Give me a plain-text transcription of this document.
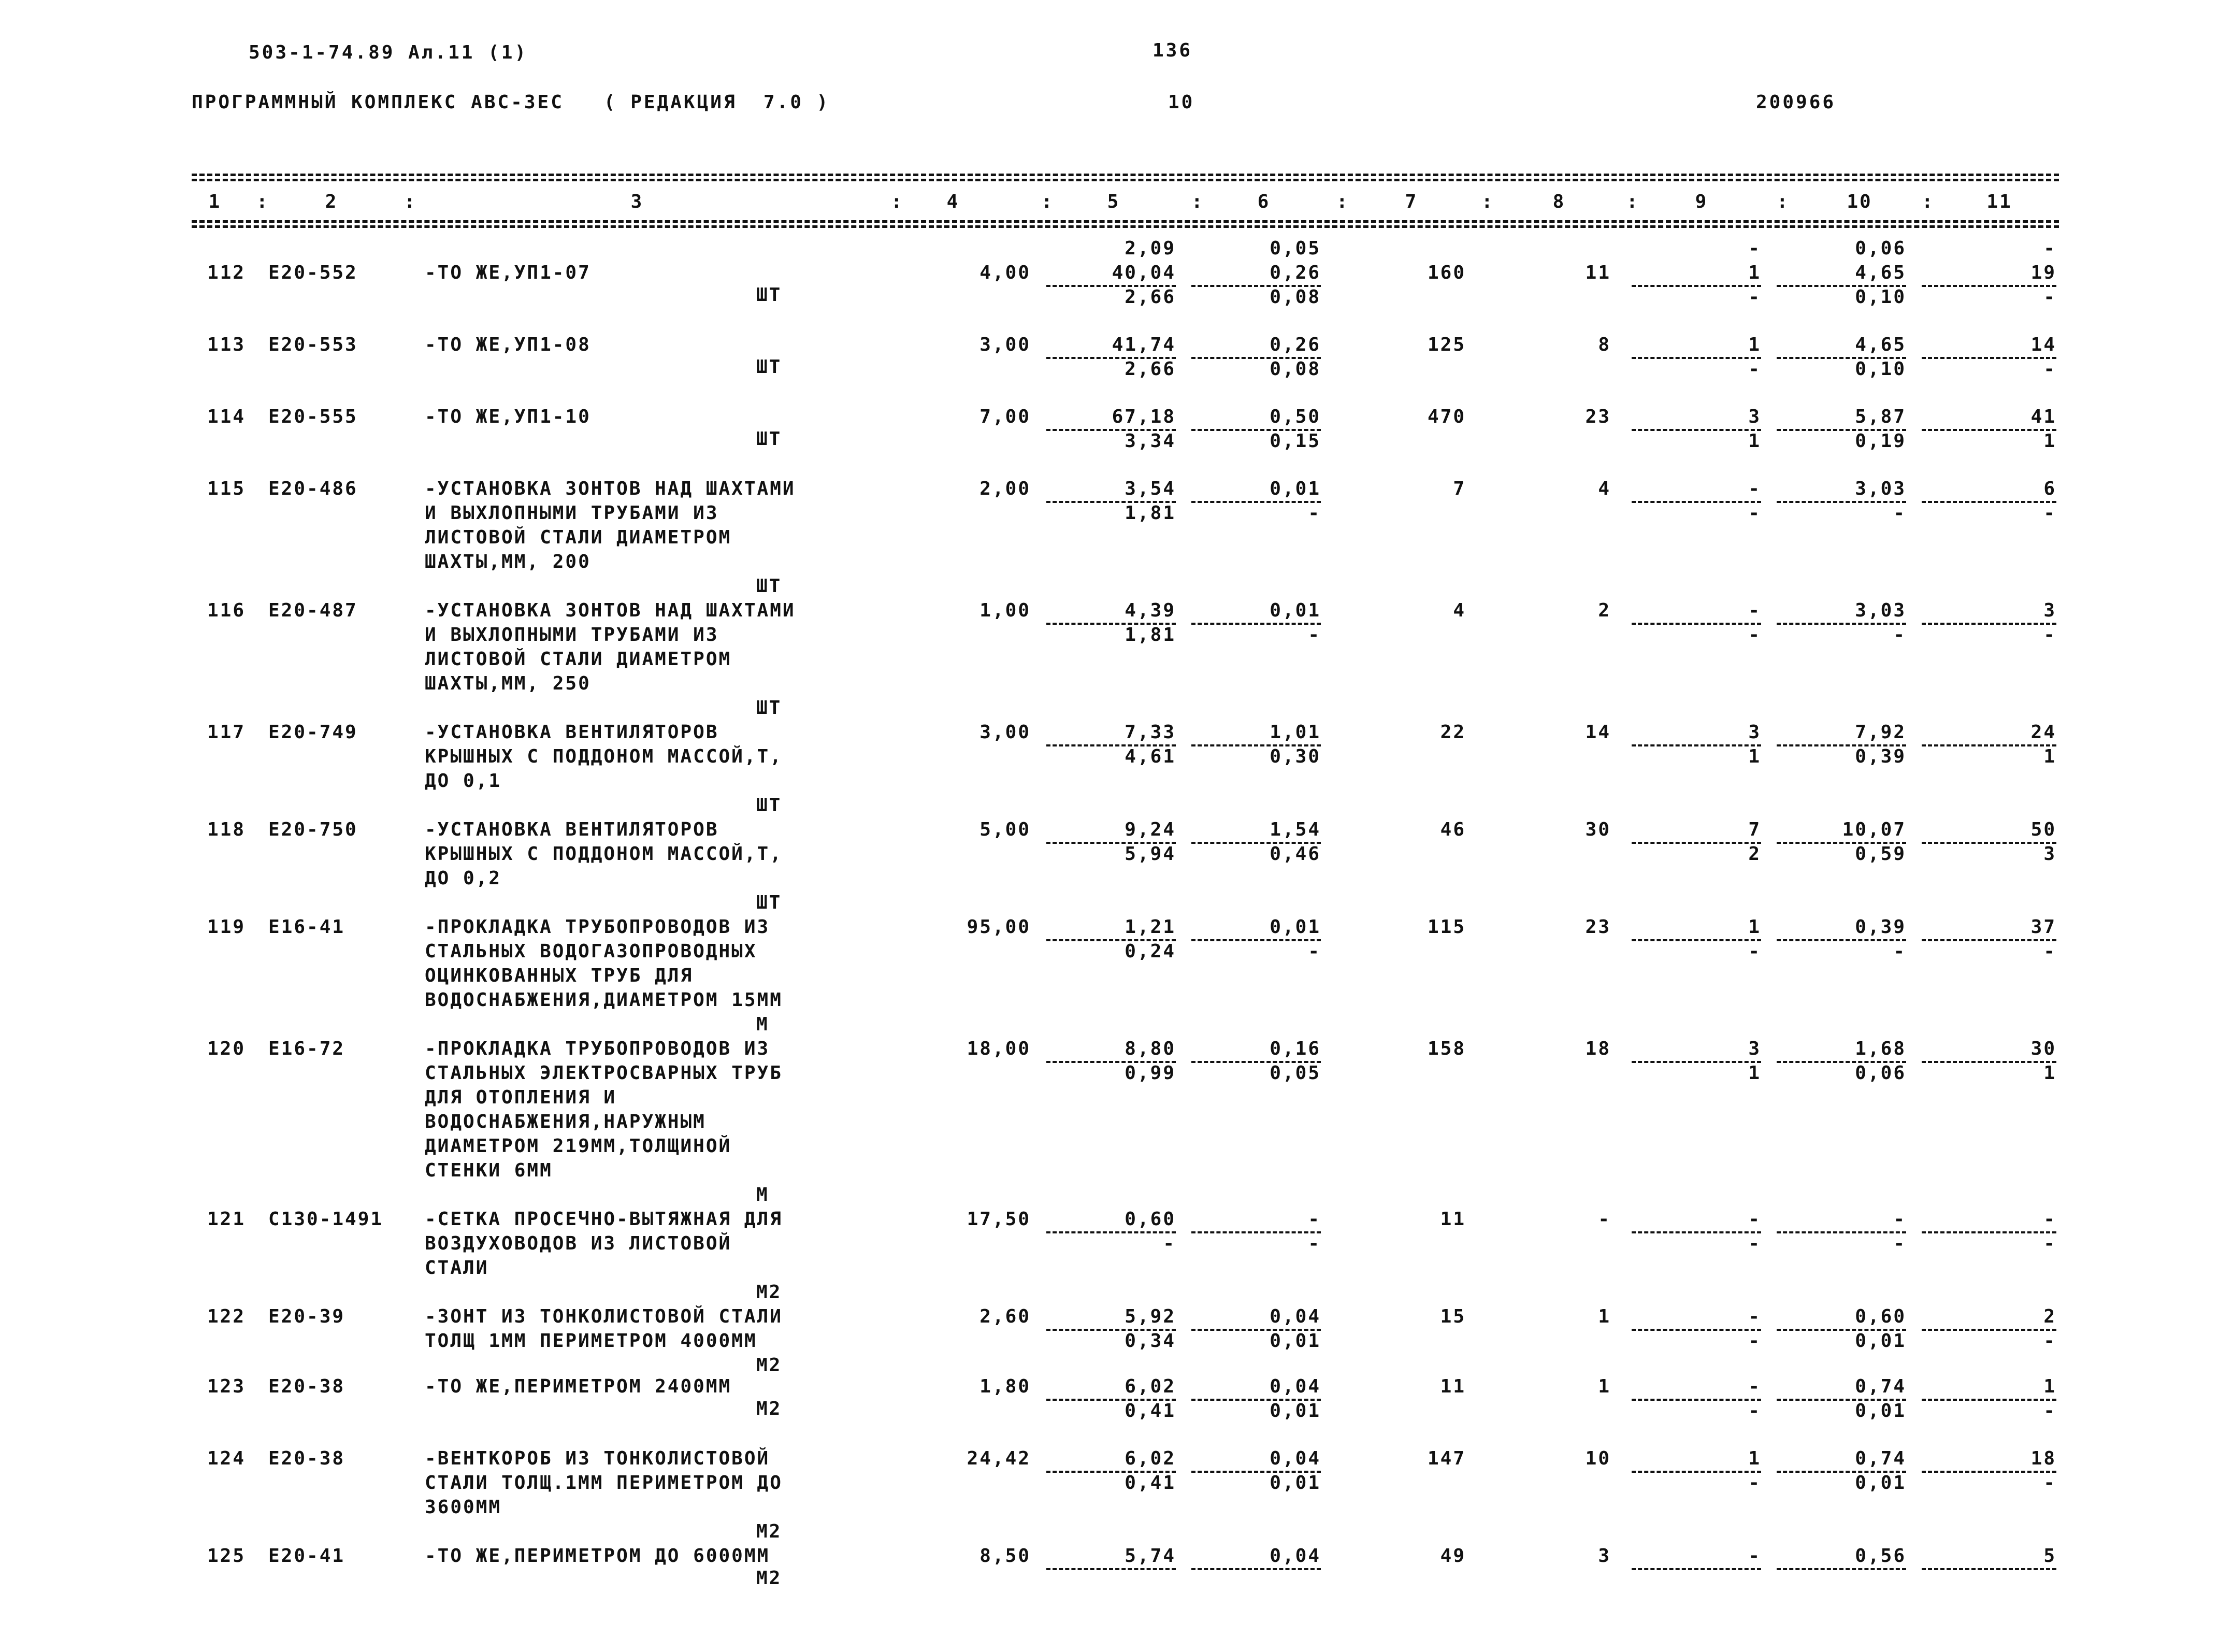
503-1-74.89 Ал.11 (1)	136
ПРОГРАММНЫЙ КОМПЛЕКС АВС-3ЕС   ( РЕДАКЦИЯ  7.0 )	10	200966
1	2	3	4	5	6	7	8	9	10	11
:	:	:	:	:	:	:	:	:	:
2,09	0,05	-	0,06	-
112 Е20-552	-ТО ЖЕ,УП1-07	4,00	40,04	0,26	160	11	1	4,65	19
2,66	0,08	-	0,10	-
ШТ
113 Е20-553	-ТО ЖЕ,УП1-08	3,00	41,74	0,26	125	8	1	4,65	14
2,66	0,08	-	0,10	-
ШТ
114 Е20-555	-ТО ЖЕ,УП1-10	7,00	67,18	0,50	470	23	3	5,87	41
3,34	0,15	1	0,19	1
ШТ
115 Е20-486	-УСТАНОВКА ЗОНТОВ НАД ШАХТАМИ
И ВЫХЛОПНЫМИ ТРУБАМИ ИЗ
ЛИСТОВОЙ СТАЛИ ДИАМЕТРОМ
ШАХТЫ,ММ, 200
2,00	3,54	0,01	7	4	-	3,03	6
1,81	-	-	-	-
ШТ
116 Е20-487	-УСТАНОВКА ЗОНТОВ НАД ШАХТАМИ
И ВЫХЛОПНЫМИ ТРУБАМИ ИЗ
ЛИСТОВОЙ СТАЛИ ДИАМЕТРОМ
ШАХТЫ,ММ, 250
1,00	4,39	0,01	4	2	-	3,03	3
1,81	-	-	-	-
ШТ
117 Е20-749	-УСТАНОВКА ВЕНТИЛЯТОРОВ
КРЫШНЫХ С ПОДДОНОМ МАССОЙ,Т,
ДО 0,1
3,00	7,33	1,01	22	14	3	7,92	24
4,61	0,30	1	0,39	1
ШТ
118 Е20-750	-УСТАНОВКА ВЕНТИЛЯТОРОВ
КРЫШНЫХ С ПОДДОНОМ МАССОЙ,Т,
ДО 0,2
5,00	9,24	1,54	46	30	7	10,07	50
5,94	0,46	2	0,59	3
ШТ
119 Е16-41	-ПРОКЛАДКА ТРУБОПРОВОДОВ ИЗ
СТАЛЬНЫХ ВОДОГАЗОПРОВОДНЫХ
ОЦИНКОВАННЫХ ТРУБ ДЛЯ
ВОДОСНАБЖЕНИЯ,ДИАМЕТРОМ 15ММ
95,00	1,21	0,01	115	23	1	0,39	37
0,24	-	-	-	-
М
120 Е16-72	-ПРОКЛАДКА ТРУБОПРОВОДОВ ИЗ
СТАЛЬНЫХ ЭЛЕКТРОСВАРНЫХ ТРУБ
ДЛЯ ОТОПЛЕНИЯ И
ВОДОСНАБЖЕНИЯ,НАРУЖНЫМ
ДИАМЕТРОМ 219ММ,ТОЛЩИНОЙ
СТЕНКИ 6ММ
18,00	8,80	0,16	158	18	3	1,68	30
0,99	0,05	1	0,06	1
М
121 С130-1491 -СЕТКА ПРОСЕЧНО-ВЫТЯЖНАЯ ДЛЯ
ВОЗДУХОВОДОВ ИЗ ЛИСТОВОЙ
СТАЛИ
17,50	0,60	-	11	-	-	-	-
-	-	-	-	-
М2
122 Е20-39	-ЗОНТ ИЗ ТОНКОЛИСТОВОЙ СТАЛИ
ТОЛЩ 1ММ ПЕРИМЕТРОМ 4000ММ
2,60	5,92	0,04	15	1	-	0,60	2
0,34	0,01	-	0,01	-
М2
123 Е20-38	-ТО ЖЕ,ПЕРИМЕТРОМ 2400ММ	1,80	6,02	0,04	11	1	-	0,74	1
0,41	0,01	-	0,01	-
М2
124 Е20-38	-ВЕНТКОРОБ ИЗ ТОНКОЛИСТОВОЙ
СТАЛИ ТОЛЩ.1ММ ПЕРИМЕТРОМ ДО
3600ММ
24,42	6,02	0,04	147	10	1	0,74	18
0,41	0,01	-	0,01	-
М2
125 Е20-41	-ТО ЖЕ,ПЕРИМЕТРОМ ДО 6000ММ	8,50	5,74	0,04	49	3	-	0,56	5
М2
